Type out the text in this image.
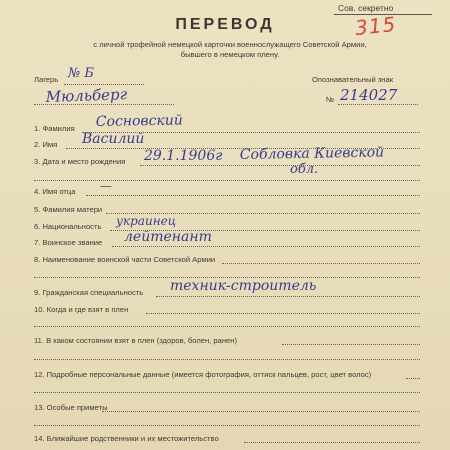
Сов. секретно
315
ПЕРЕВОД
с личной трофейной немецкой карточки военнослужащего Советской Армии,
бывшего в немецком плену.
Лагерь № Б
Мюльберг
Опознавательный знак
№ 214027
1. Фамилия Сосновский
2. Имя Василий
3. Дата и место рождения 29.1.1906г Собловка Киевской
обл.
4. Имя отца —
5. Фамилия матери
6. Национальность украинец
7. Воинское звание лейтенант
8. Наименование воинской части Советской Армии
9. Гражданская специальность техник-строитель
10. Когда и где взят в плен
11. В каком состоянии взят в плен (здоров, болен, ранен)
12. Подробные персональные данные (имеется фотография, оттиск пальцев, рост, цвет волос)
13. Особые приметы
14. Ближайшие родственники и их местожительство
